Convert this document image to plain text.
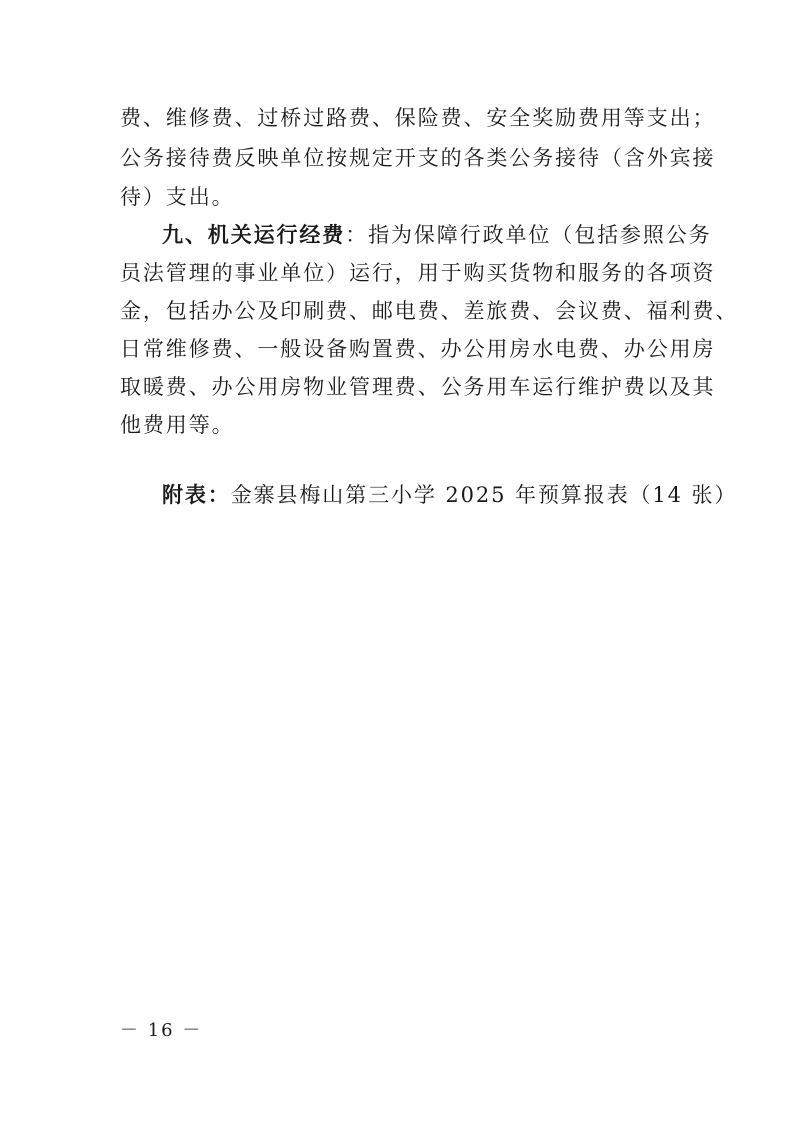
费、维修费、过桥过路费、保险费、安全奖励费用等支出；
公务接待费反映单位按规定开支的各类公务接待（含外宾接
待）支出。
九、机关运行经费：指为保障行政单位（包括参照公务
员法管理的事业单位）运行，用于购买货物和服务的各项资
金，包括办公及印刷费、邮电费、差旅费、会议费、福利费、
日常维修费、一般设备购置费、办公用房水电费、办公用房
取暖费、办公用房物业管理费、公务用车运行维护费以及其
他费用等。
附表：金寨县梅山第三小学 2025 年预算报表（14 张）
－ 16 －
